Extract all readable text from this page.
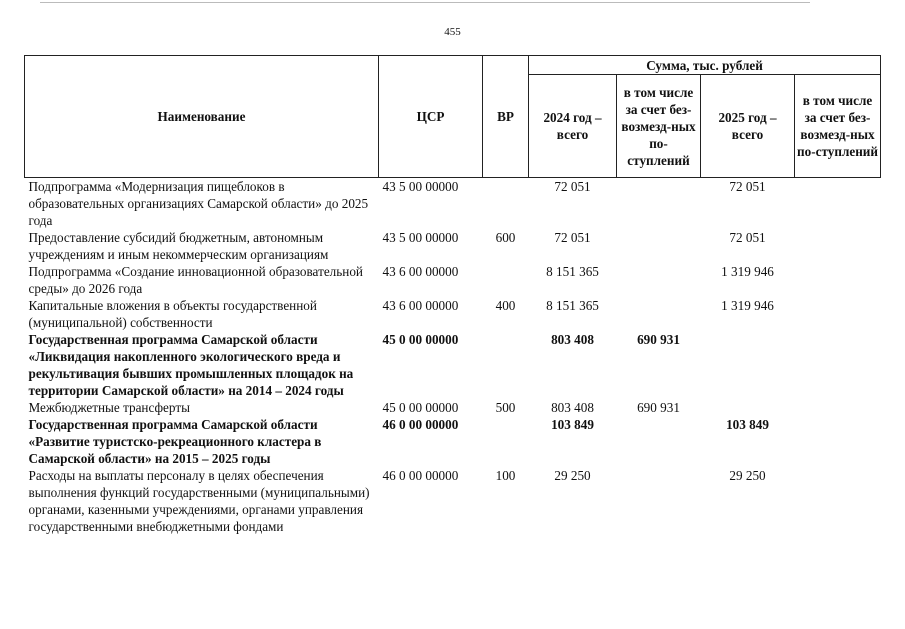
455
Наименование	ЦСР	ВР	Сумма, тыс. рублей			
			2024 год – всего	в том числе за счет без-возмезд-ных по-ступлений	2025 год – всего	в том числе за счет без-возмезд-ных по-ступлений
Подпрограмма «Модернизация пищеблоков в образовательных организациях Самарской области» до 2025 года	43 5 00 00000		72 051		72 051	
Предоставление субсидий бюджетным, автономным учреждениям и иным некоммерческим организациям	43 5 00 00000	600	72 051		72 051	
Подпрограмма «Создание инновационной образовательной среды» до 2026 года	43 6 00 00000		8 151 365		1 319 946	
Капитальные вложения в объекты государственной (муниципальной) собственности	43 6 00 00000	400	8 151 365		1 319 946	
Государственная программа Самарской области «Ликвидация накопленного экологического вреда и рекультивация бывших промышленных площадок на территории Самарской области» на 2014 – 2024 годы	45 0 00 00000		803 408	690 931		
Межбюджетные трансферты	45 0 00 00000	500	803 408	690 931		
Государственная программа Самарской области «Развитие туристско-рекреационного кластера в Самарской области» на 2015 – 2025 годы	46 0 00 00000		103 849		103 849	
Расходы на выплаты персоналу в целях обеспечения выполнения функций государственными (муниципальными) органами, казенными учреждениями, органами управления государственными внебюджетными фондами	46 0 00 00000	100	29 250		29 250	
